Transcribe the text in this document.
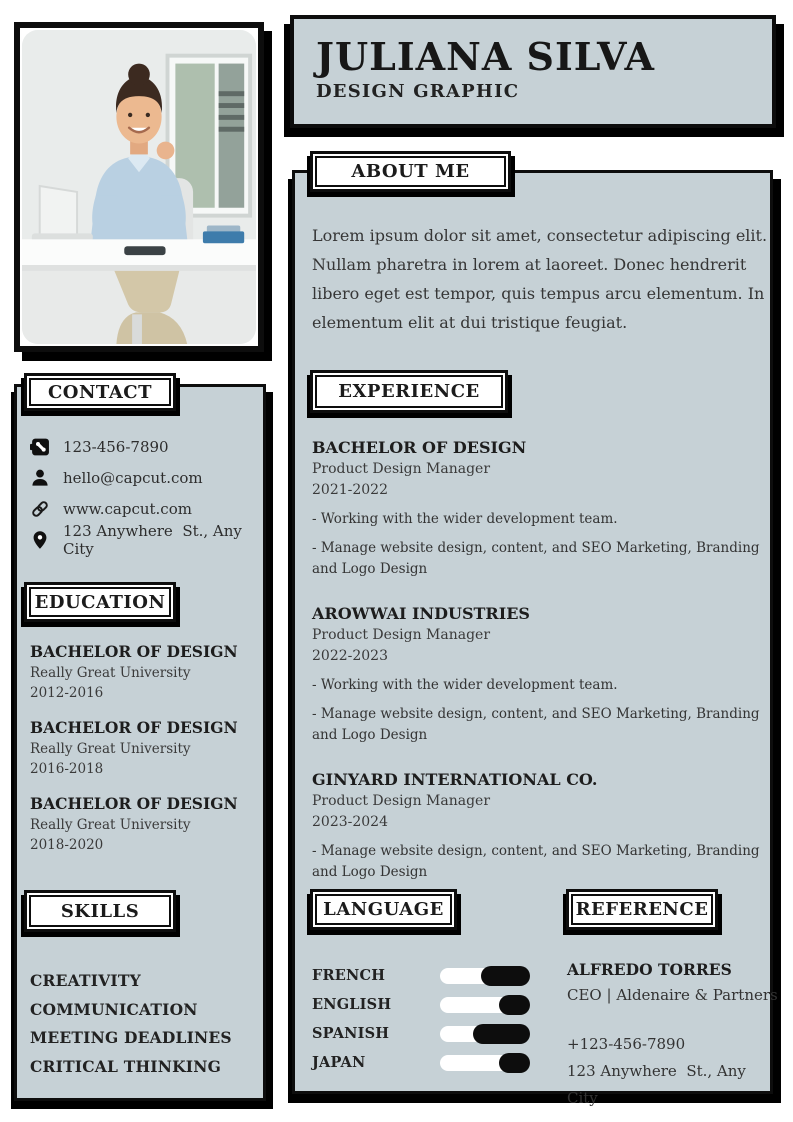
CONTACT
123-456-7890
hello@capcut.com
www.capcut.com
123 Anywhere  St., Any City
EDUCATION
BACHELOR OF DESIGN
Really Great University
2012-2016
BACHELOR OF DESIGN
Really Great University
2016-2018
BACHELOR OF DESIGN
Really Great University
2018-2020
SKILLS
CREATIVITY
COMMUNICATION
MEETING DEADLINES
CRITICAL THINKING
JULIANA SILVA
DESIGN GRAPHIC
ABOUT ME
Lorem ipsum dolor sit amet, consectetur adipiscing elit. Nullam pharetra in lorem at laoreet. Donec hendrerit libero eget est tempor, quis tempus arcu elementum. In elementum elit at dui tristique feugiat.
EXPERIENCE
BACHELOR OF DESIGN
Product Design Manager
2021-2022
- Working with the wider development team.
- Manage website design, content, and SEO Marketing, Branding and Logo Design
AROWWAI INDUSTRIES
Product Design Manager
2022-2023
- Working with the wider development team.
- Manage website design, content, and SEO Marketing, Branding and Logo Design
GINYARD INTERNATIONAL CO.
Product Design Manager
2023-2024
- Manage website design, content, and SEO Marketing, Branding and Logo Design
LANGUAGE
FRENCH
ENGLISH
SPANISH
JAPAN
REFERENCE
ALFREDO TORRES
CEO | Aldenaire & Partners
+123-456-7890
123 Anywhere  St., Any City
